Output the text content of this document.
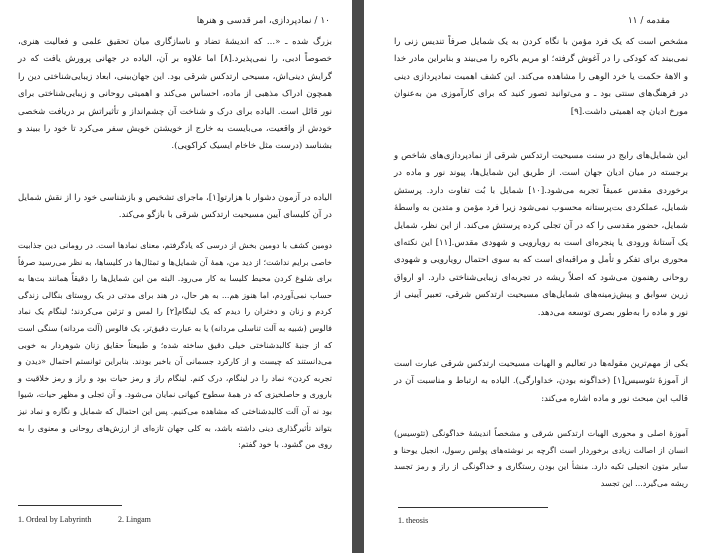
۱۰ / نمادپردازی، امر قدسی و هنرها

بزرگ شده ـ «... که اندیشهٔ تضاد و ناسازگاری میان تحقیق علمی و فعالیت هنری، خصوصاً ادبی، را نمی‌پذیرد.[۸] اما علاوه بر آن، الیاده در جهانی پرورش یافت که در گرایش دینی‌اش، مسیحی ارتدکس شرقی بود. این جهان‌بینی، ابعاد زیبایی‌شناختی دین را همچون ادراک مذهبی از ماده، احساس می‌کند و اهمیتی روحانی و زیبایی‌شناختی برای نور قائل است. الیاده برای درک و شناخت آن چشم‌انداز و تأثیراتش بر دریافت شخصی خودش از واقعیت، می‌بایست به خارج از خویشتن خویش سفر می‌کرد تا خود را ببیند و بشناسد (درست مثل خاخام ایسیک کراکویی).

الیاده در آزمون دشوار با هزارتو[۱]، ماجرای تشخیص و بازشناسی خود را از نقش شمایل در آن کلیسای آیین مسیحیت ارتدکس شرقی با بازگو می‌کند.

دومین کشف با دومین بخش از درسی که یادگرفتم، معنای نمادها است. در رومانی دین جذابیت خاصی برایم نداشت؛ از دید من، همهٔ آن شمایل‌ها و تمثال‌ها در کلیساها، به نظر می‌رسید صرفاً برای شلوغ کردن محیط کلیسا به کار می‌رود. البته من این شمایل‌ها را دقیقاً همانند بت‌ها به حساب نمی‌آوردم، اما هنوز هم... به هر حال، در هند برای مدتی در یک روستای بنگالی زندگی کردم و زنان و دختران را دیدم که یک لینگام[۲] را لمس و تزئین می‌کردند؛ لینگام یک نماد فالوس (شبیه به آلت تناسلی مردانه) یا به عبارت دقیق‌تر، یک فالوس (آلت مردانه) سنگی است که از جنبهٔ کالبدشناختی خیلی دقیق ساخته شده؛ و طبیعتاً حقایق زنان شوهردار به خوبی می‌دانستند که چیست و از کارکرد جسمانی آن باخبر بودند. بنابراین توانستم احتمال «دیدن و تجربه کردن» نماد را در لینگام، درک کنم. لینگام راز و رمز حیات بود و راز و رمز خلاقیت و باروری و حاصلخیزی که در همهٔ سطوح کیهانی نمایان می‌شود. و آن تجلی و مظهر حیات، شیوا بود نه آن آلت کالبدشناختی که مشاهده می‌کنیم. پس این احتمال که شمایل و نگاره و نماد نیز بتواند تأثیرگذاری دینی داشته باشد، به کلی جهان تازه‌ای از ارزش‌های روحانی و معنوی را به روی من گشود. با خود گفتم:

مقدمه / ۱۱

مشخص است که یک فرد مؤمن با نگاه کردن به یک شمایل صرفاً تندیس زنی را نمی‌بیند که کودکی را در آغوش گرفته؛ او مریم باکره را می‌بیند و بنابراین مادر خدا و الاههٔ حکمت یا خرد الوهی را مشاهده می‌کند. این کشف اهمیت نمادپردازی دینی در فرهنگ‌های سنتی بود ـ و می‌توانید تصور کنید که برای کارآموزی من به‌عنوان مورخ ادیان چه اهمیتی داشت.[۹]

این شمایل‌های رایج در سنت مسیحیت ارتدکس شرقی از نمادپردازی‌های شاخص و برجسته در میان ادیان جهان است. از طریق این شمایل‌ها، پیوند نور و ماده در برخوردی مقدس عمیقاً تجربه می‌شود.[۱۰] شمایل با بُت تفاوت دارد. پرستش شمایل، عملکردی بت‌پرستانه محسوب نمی‌شود زیرا فرد مؤمن و متدین به واسطهٔ شمایل، حضور مقدسی را که در آن تجلی کرده پرستش می‌کند. از این نظر، شمایل یک آستانهٔ ورودی یا پنجره‌ای است به رویارویی و شهودی مقدس.[۱۱] این نکته‌ای محوری برای تفکر و تأمل و مراقبه‌ای است که به سوی احتمال رویارویی و شهودی روحانی رهنمون می‌شود که اصلاً ریشه در تجربه‌ای زیبایی‌شناختی دارد. او ارواق زرین سوابق و پیش‌زمینه‌های شمایل‌های مسیحیت ارتدکس شرقی، تعبیر آیینی از نور و ماده را به‌طور بصری توسعه می‌دهد.

یکی از مهم‌ترین مقوله‌ها در تعالیم و الهیات مسیحیت ارتدکس شرقی عبارت است از آموزهٔ تئوسیس[۱] (خداگونه بودن، خداوارگی). الیاده به ارتباط و مناسبت آن در قالب این مبحث نور و ماده اشاره می‌کند:

آموزهٔ اصلی و محوری الهیات ارتدکس شرقی و مشخصاً اندیشهٔ خداگونگی (تئوسیس) انسان از اصالت زیادی برخوردار است اگرچه بر نوشته‌های پولس رسول، انجیل یوحنا و سایر متون انجیلی تکیه دارد. منشأ این بودن رستگاری و خداگونگی از راز و رمز تجسد ریشه می‌گیرد... این تجسد

1. Ordeal by Labyrinth	2. Lingam	1. theosis
